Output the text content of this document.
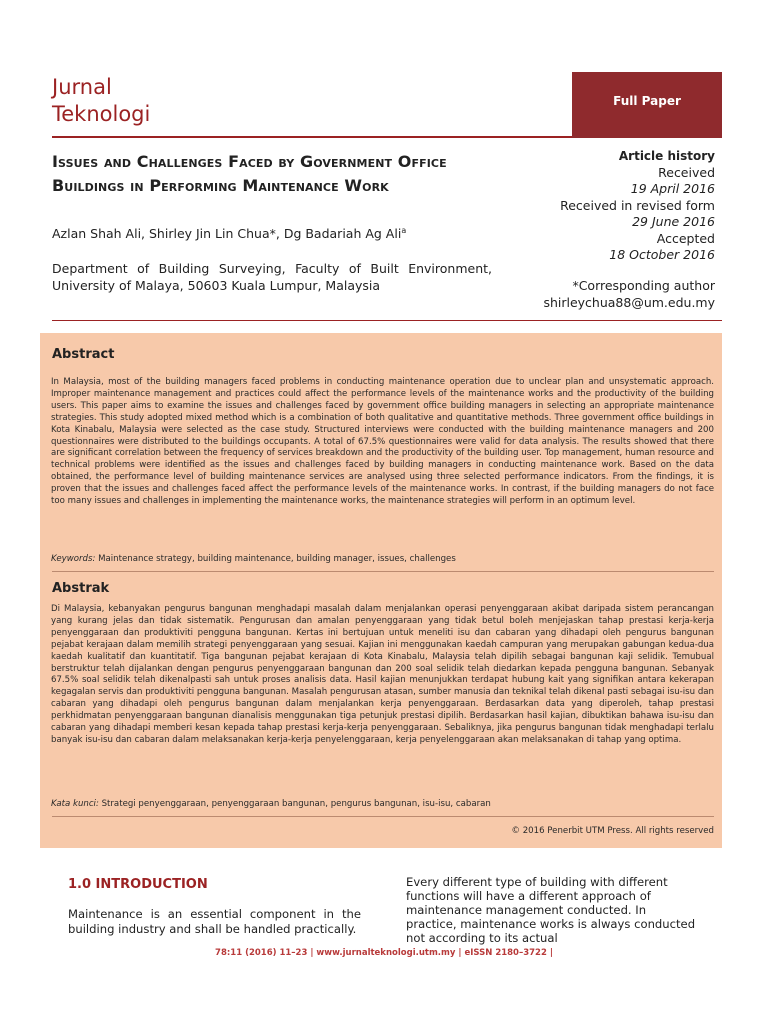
Jurnal
Teknologi
Full Paper
Issues and Challenges Faced by Government Office
Buildings in Performing Maintenance Work
Azlan Shah Ali, Shirley Jin Lin Chua*, Dg Badariah Ag Ali$^a$
Department of Building Surveying, Faculty of Built Environment, University of Malaya, 50603 Kuala Lumpur, Malaysia
Article history
Received
19 April 2016
Received in revised form
29 June 2016
Accepted
18 October 2016
*Corresponding author
shirleychua88@um.edu.my
Abstract
In Malaysia, most of the building managers faced problems in conducting maintenance operation due to unclear plan and unsystematic approach. Improper maintenance management and practices could affect the performance levels of the maintenance works and the productivity of the building users. This paper aims to examine the issues and challenges faced by government office building managers in selecting an appropriate maintenance strategies. This study adopted mixed method which is a combination of both qualitative and quantitative methods. Three government office buildings in Kota Kinabalu, Malaysia were selected as the case study. Structured interviews were conducted with the building maintenance managers and 200 questionnaires were distributed to the buildings occupants. A total of 67.5% questionnaires were valid for data analysis. The results showed that there are significant correlation between the frequency of services breakdown and the productivity of the building user. Top management, human resource and technical problems were identified as the issues and challenges faced by building managers in conducting maintenance work. Based on the data obtained, the performance level of building maintenance services are analysed using three selected performance indicators. From the findings, it is proven that the issues and challenges faced affect the performance levels of the maintenance works. In contrast, if the building managers do not face too many issues and challenges in implementing the maintenance works, the maintenance strategies will perform in an optimum level.
Keywords: Maintenance strategy, building maintenance, building manager, issues, challenges
Abstrak
Di Malaysia, kebanyakan pengurus bangunan menghadapi masalah dalam menjalankan operasi penyenggaraan akibat daripada sistem perancangan yang kurang jelas dan tidak sistematik. Pengurusan dan amalan penyenggaraan yang tidak betul boleh menjejaskan tahap prestasi kerja-kerja penyenggaraan dan produktiviti pengguna bangunan. Kertas ini bertujuan untuk meneliti isu dan cabaran yang dihadapi oleh pengurus bangunan pejabat kerajaan dalam memilih strategi penyenggaraan yang sesuai. Kajian ini menggunakan kaedah campuran yang merupakan gabungan kedua-dua kaedah kualitatif dan kuantitatif. Tiga bangunan pejabat kerajaan di Kota Kinabalu, Malaysia telah dipilih sebagai bangunan kaji selidik. Temubual berstruktur telah dijalankan dengan pengurus penyenggaraan bangunan dan 200 soal selidik telah diedarkan kepada pengguna bangunan. Sebanyak 67.5% soal selidik telah dikenalpasti sah untuk proses analisis data. Hasil kajian menunjukkan terdapat hubung kait yang signifikan antara kekerapan kegagalan servis dan produktiviti pengguna bangunan. Masalah pengurusan atasan, sumber manusia dan teknikal telah dikenal pasti sebagai isu-isu dan cabaran yang dihadapi oleh pengurus bangunan dalam menjalankan kerja penyenggaraan. Berdasarkan data yang diperoleh, tahap prestasi perkhidmatan penyenggaraan bangunan dianalisis menggunakan tiga petunjuk prestasi dipilih. Berdasarkan hasil kajian, dibuktikan bahawa isu-isu dan cabaran yang dihadapi memberi kesan kepada tahap prestasi kerja-kerja penyenggaraan. Sebaliknya, jika pengurus bangunan tidak menghadapi terlalu banyak isu-isu dan cabaran dalam melaksanakan kerja-kerja penyelenggaraan, kerja penyelenggaraan akan melaksanakan di tahap yang optima.
Kata kunci: Strategi penyenggaraan, penyenggaraan bangunan, pengurus bangunan, isu-isu, cabaran
© 2016 Penerbit UTM Press. All rights reserved
1.0 INTRODUCTION
Maintenance is an essential component in the building industry and shall be handled practically.
Every different type of building with different functions will have a different approach of maintenance management conducted. In practice, maintenance works is always conducted not according to its actual
78:11 (2016) 11–23 | www.jurnalteknologi.utm.my | eISSN 2180–3722 |
